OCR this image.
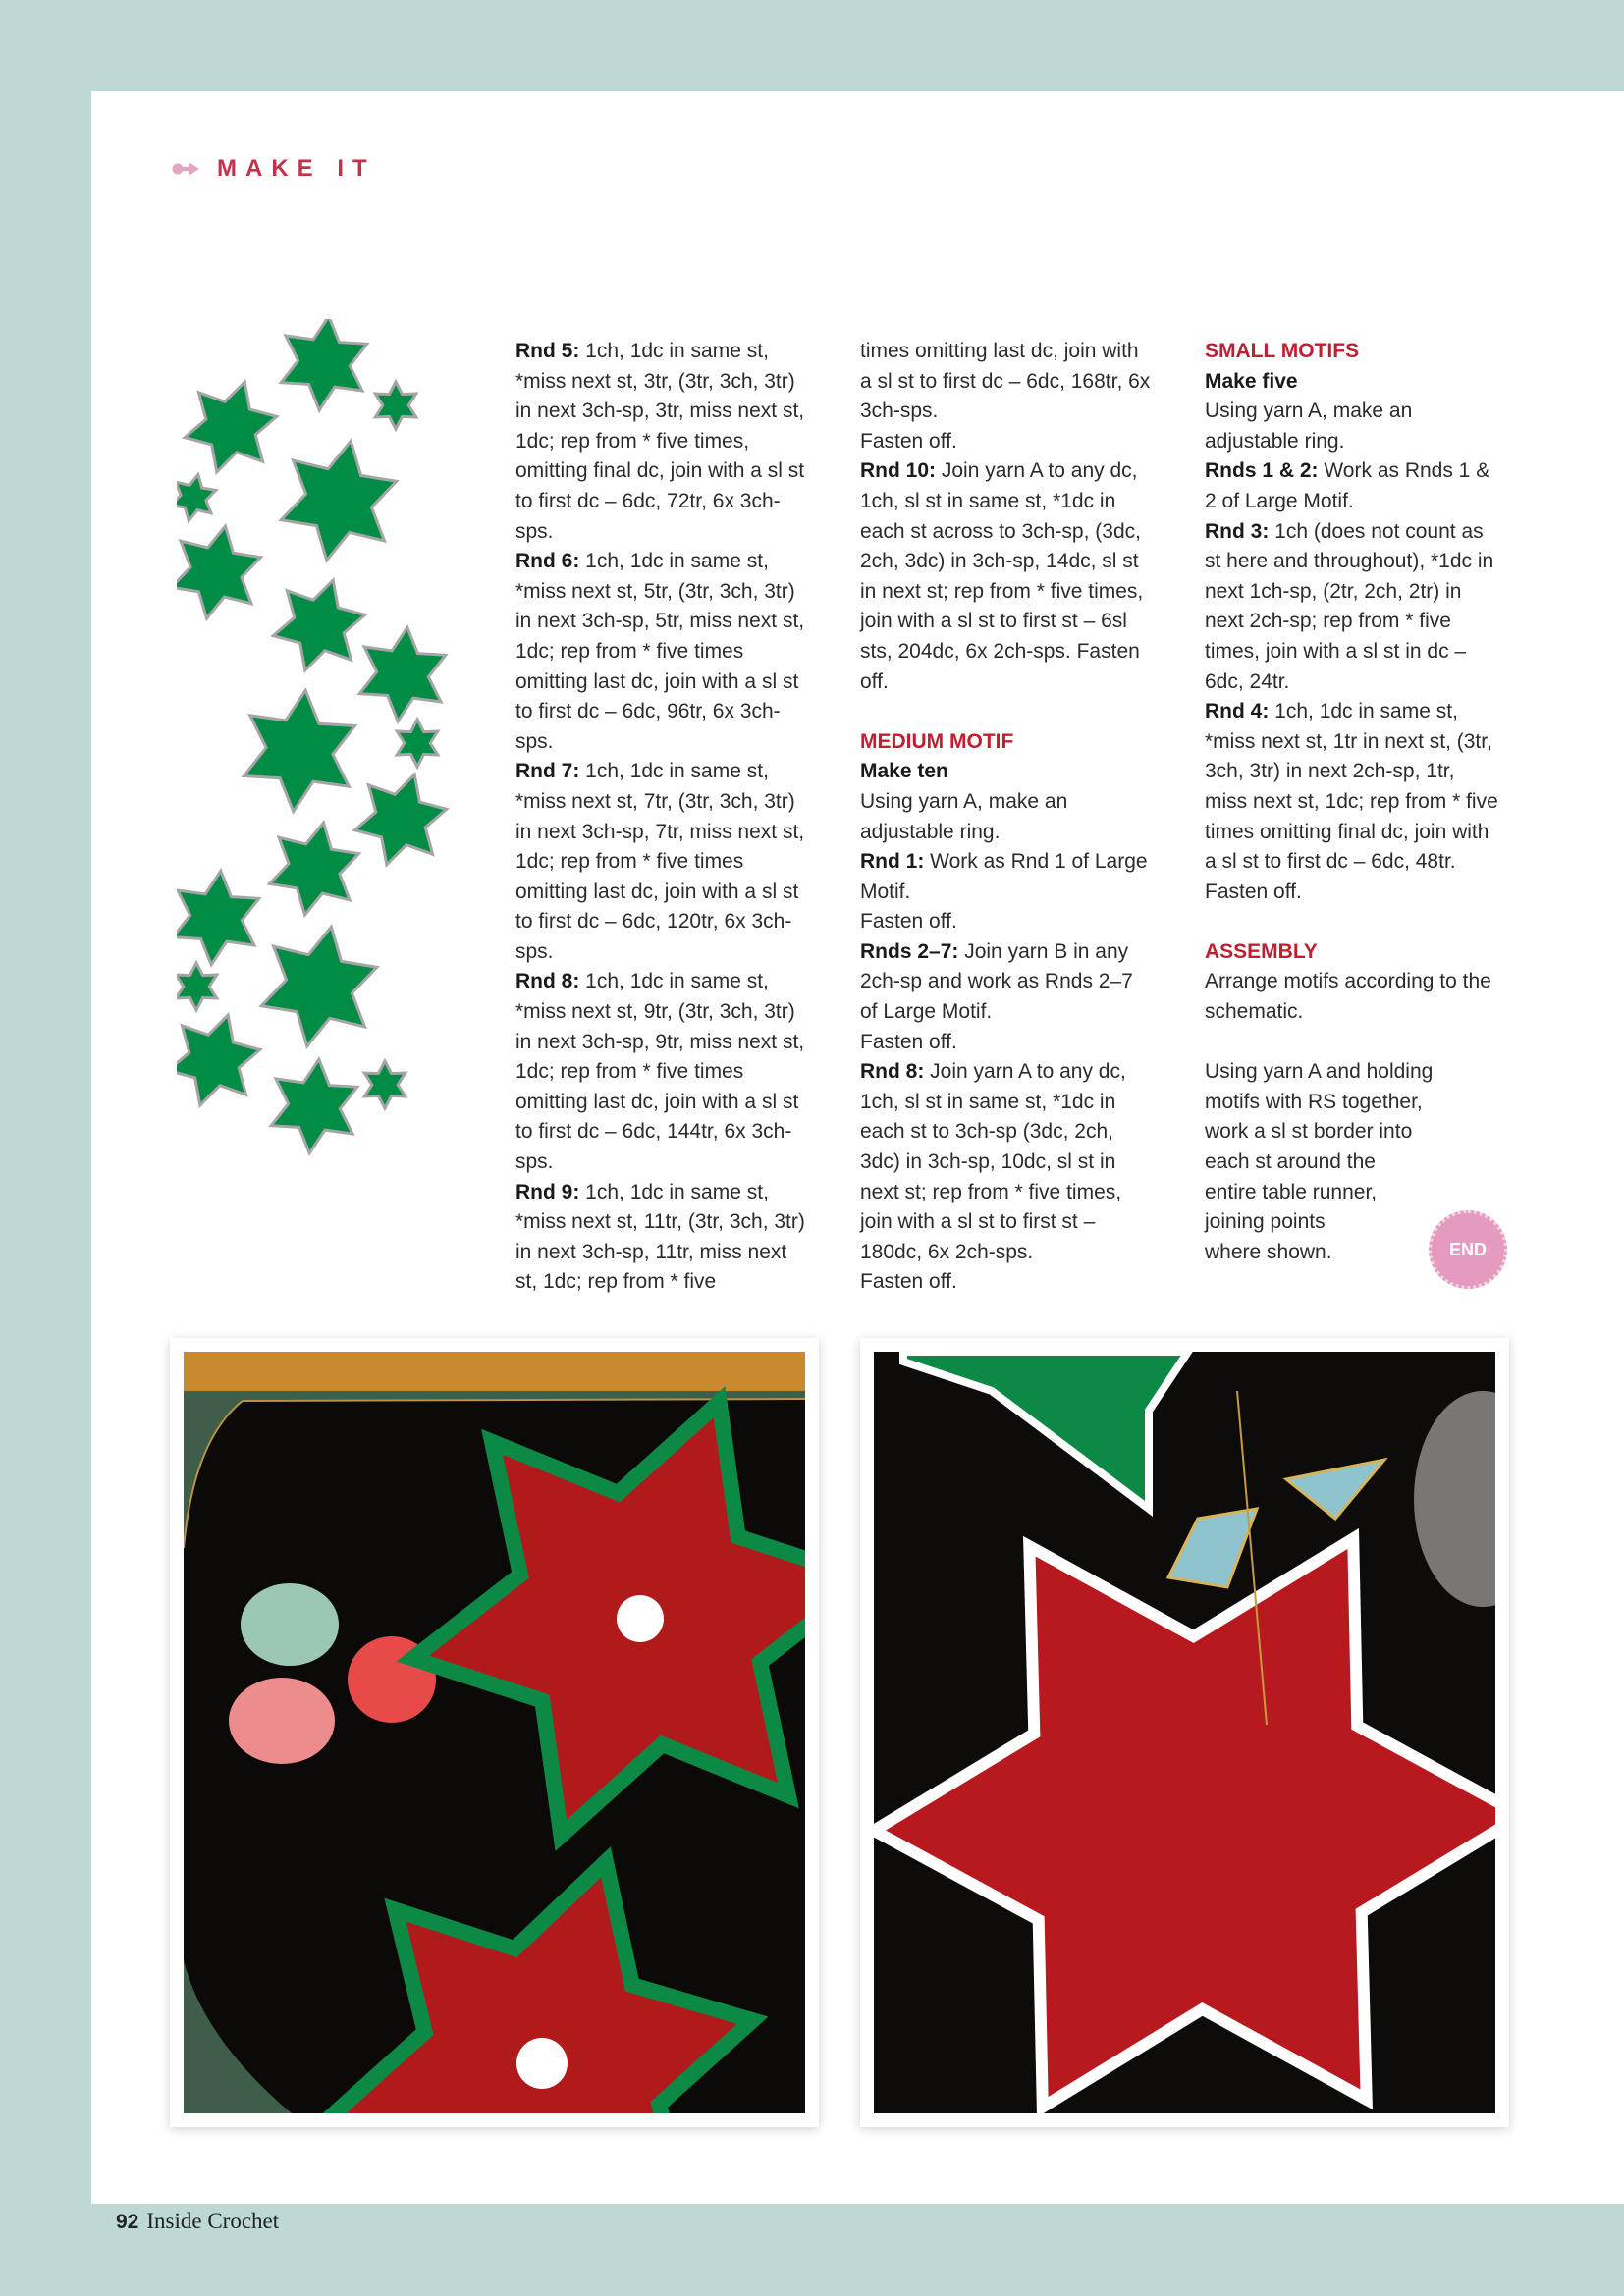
MAKE IT

Rnd 5: 1ch, 1dc in same st, *miss next st, 3tr, (3tr, 3ch, 3tr) in next 3ch-sp, 3tr, miss next st, 1dc; rep from * five times, omitting final dc, join with a sl st to first dc – 6dc, 72tr, 6x 3ch-sps.

Rnd 6: 1ch, 1dc in same st, *miss next st, 5tr, (3tr, 3ch, 3tr) in next 3ch-sp, 5tr, miss next st, 1dc; rep from * five times omitting last dc, join with a sl st to first dc – 6dc, 96tr, 6x 3ch-sps.

Rnd 7: 1ch, 1dc in same st, *miss next st, 7tr, (3tr, 3ch, 3tr) in next 3ch-sp, 7tr, miss next st, 1dc; rep from * five times omitting last dc, join with a sl st to first dc – 6dc, 120tr, 6x 3ch-sps.

Rnd 8: 1ch, 1dc in same st, *miss next st, 9tr, (3tr, 3ch, 3tr) in next 3ch-sp, 9tr, miss next st, 1dc; rep from * five times omitting last dc, join with a sl st to first dc – 6dc, 144tr, 6x 3ch-sps.

Rnd 9: 1ch, 1dc in same st, *miss next st, 11tr, (3tr, 3ch, 3tr) in next 3ch-sp, 11tr, miss next st, 1dc; rep from * five

times omitting last dc, join with a sl st to first dc – 6dc, 168tr, 6x 3ch-sps.

Fasten off.

Rnd 10: Join yarn A to any dc, 1ch, sl st in same st, *1dc in each st across to 3ch-sp, (3dc, 2ch, 3dc) in 3ch-sp, 14dc, sl st in next st; rep from * five times, join with a sl st to first st – 6sl sts, 204dc, 6x 2ch-sps. Fasten off.

MEDIUM MOTIF

Make ten

Using yarn A, make an adjustable ring.

Rnd 1: Work as Rnd 1 of Large Motif.

Fasten off.

Rnds 2–7: Join yarn B in any 2ch-sp and work as Rnds 2–7 of Large Motif.

Fasten off.

Rnd 8: Join yarn A to any dc, 1ch, sl st in same st, *1dc in each st to 3ch-sp (3dc, 2ch, 3dc) in 3ch-sp, 10dc, sl st in next st; rep from * five times, join with a sl st to first st – 180dc, 6x 2ch-sps.

Fasten off.

SMALL MOTIFS

Make five

Using yarn A, make an adjustable ring.

Rnds 1 & 2: Work as Rnds 1 & 2 of Large Motif.

Rnd 3: 1ch (does not count as st here and throughout), *1dc in next 1ch-sp, (2tr, 2ch, 2tr) in next 2ch-sp; rep from * five times, join with a sl st in dc – 6dc, 24tr.

Rnd 4: 1ch, 1dc in same st, *miss next st, 1tr in next st, (3tr, 3ch, 3tr) in next 2ch-sp, 1tr, miss next st, 1dc; rep from * five times omitting final dc, join with a sl st to first dc – 6dc, 48tr.

Fasten off.

ASSEMBLY

Arrange motifs according to the schematic.

Using yarn A and holding
motifs with RS together,
work a sl st border into
each st around the
entire table runner,
joining points
where shown.	END
92 Inside Crochet
